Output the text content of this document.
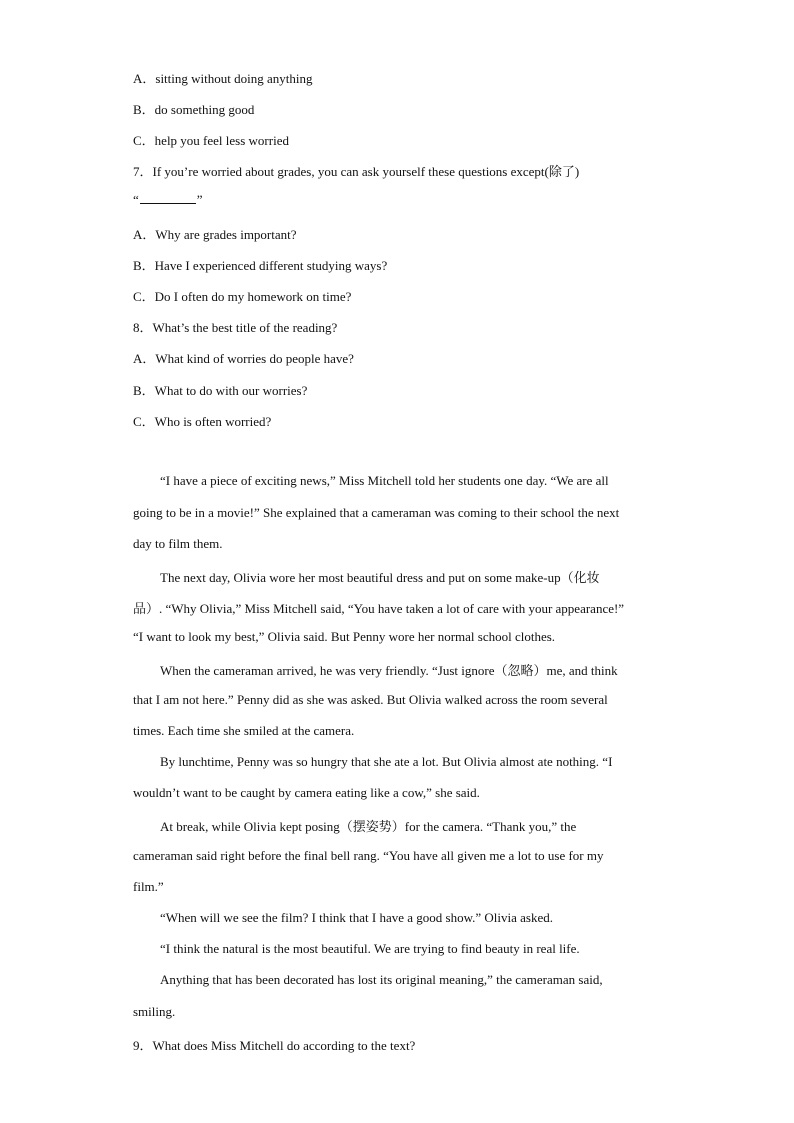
A．sitting without doing anything
B．do something good
C．help you feel less worried
7．If you’re worried about grades, you can ask yourself these questions except(除了)
“	”
A．Why are grades important?
B．Have I experienced different studying ways?
C．Do I often do my homework on time?
8．What’s the best title of the reading?
A．What kind of worries do people have?
B．What to do with our worries?
C．Who is often worried?
“I have a piece of exciting news,” Miss Mitchell told her students one day. “We are all
going to be in a movie!” She explained that a cameraman was coming to their school the next
day to film them.
The next day, Olivia wore her most beautiful dress and put on some make-up（化妆
品）. “Why Olivia,” Miss Mitchell said, “You have taken a lot of care with your appearance!”
“I want to look my best,” Olivia said. But Penny wore her normal school clothes.
When the cameraman arrived, he was very friendly. “Just ignore（忽略）me, and think
that I am not here.” Penny did as she was asked. But Olivia walked across the room several
times. Each time she smiled at the camera.
By lunchtime, Penny was so hungry that she ate a lot. But Olivia almost ate nothing. “I
wouldn’t want to be caught by camera eating like a cow,” she said.
At break, while Olivia kept posing（摆姿势）for the camera. “Thank you,” the
cameraman said right before the final bell rang. “You have all given me a lot to use for my
film.”
“When will we see the film? I think that I have a good show.” Olivia asked.
“I think the natural is the most beautiful. We are trying to find beauty in real life.
Anything that has been decorated has lost its original meaning,” the cameraman said,
smiling.
9．What does Miss Mitchell do according to the text?
